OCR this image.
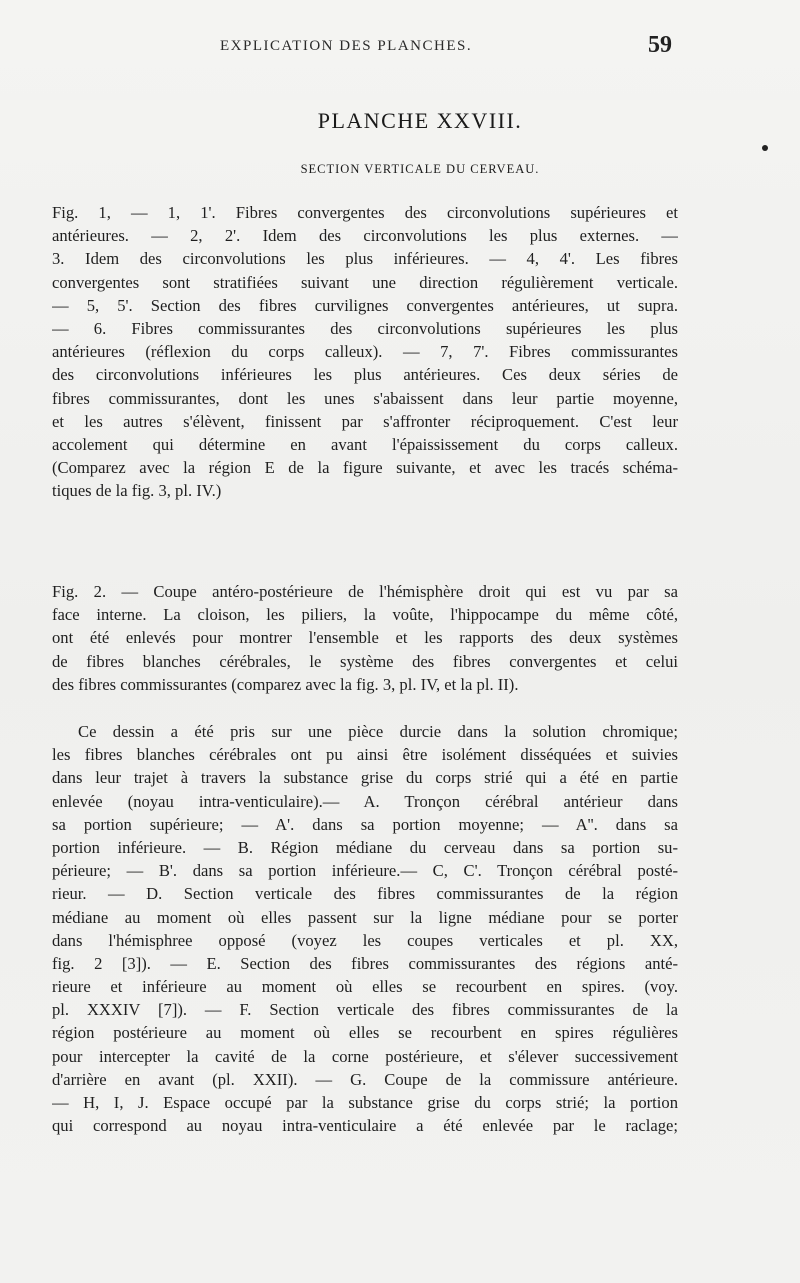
EXPLICATION DES PLANCHES.	59
PLANCHE XXVIII.
SECTION VERTICALE DU CERVEAU.
Fig. 1, — 1, 1'. Fibres convergentes des circonvolutions supérieures et
antérieures. — 2, 2'. Idem des circonvolutions les plus externes. —
3. Idem des circonvolutions les plus inférieures. — 4, 4'. Les fibres
convergentes sont stratifiées suivant une direction régulièrement verticale.
— 5, 5'. Section des fibres curvilignes convergentes antérieures, ut supra.
— 6. Fibres commissurantes des circonvolutions supérieures les plus
antérieures (réflexion du corps calleux). — 7, 7'. Fibres commissurantes
des circonvolutions inférieures les plus antérieures. Ces deux séries de
fibres commissurantes, dont les unes s'abaissent dans leur partie moyenne,
et les autres s'élèvent, finissent par s'affronter réciproquement. C'est leur
accolement qui détermine en avant l'épaississement du corps calleux.
(Comparez avec la région E de la figure suivante, et avec les tracés schéma-
tiques de la fig. 3, pl. IV.)
Fig. 2. — Coupe antéro-postérieure de l'hémisphère droit qui est vu par sa
face interne. La cloison, les piliers, la voûte, l'hippocampe du même côté,
ont été enlevés pour montrer l'ensemble et les rapports des deux systèmes
de fibres blanches cérébrales, le système des fibres convergentes et celui
des fibres commissurantes (comparez avec la fig. 3, pl. IV, et la pl. II).
Ce dessin a été pris sur une pièce durcie dans la solution chromique;
les fibres blanches cérébrales ont pu ainsi être isolément disséquées et suivies
dans leur trajet à travers la substance grise du corps strié qui a été en partie
enlevée (noyau intra-venticulaire).— A. Tronçon cérébral antérieur dans
sa portion supérieure; — A'. dans sa portion moyenne; — A''. dans sa
portion inférieure. — B. Région médiane du cerveau dans sa portion su-
périeure; — B'. dans sa portion inférieure.— C, C'. Tronçon cérébral posté-
rieur. — D. Section verticale des fibres commissurantes de la région
médiane au moment où elles passent sur la ligne médiane pour se porter
dans l'hémisphree opposé (voyez les coupes verticales et pl. XX,
fig. 2 [3]). — E. Section des fibres commissurantes des régions anté-
rieure et inférieure au moment où elles se recourbent en spires. (voy.
pl. XXXIV [7]). — F. Section verticale des fibres commissurantes de la
région postérieure au moment où elles se recourbent en spires régulières
pour intercepter la cavité de la corne postérieure, et s'élever successivement
d'arrière en avant (pl. XXII). — G. Coupe de la commissure antérieure.
— H, I, J. Espace occupé par la substance grise du corps strié; la portion
qui correspond au noyau intra-venticulaire a été enlevée par le raclage;
